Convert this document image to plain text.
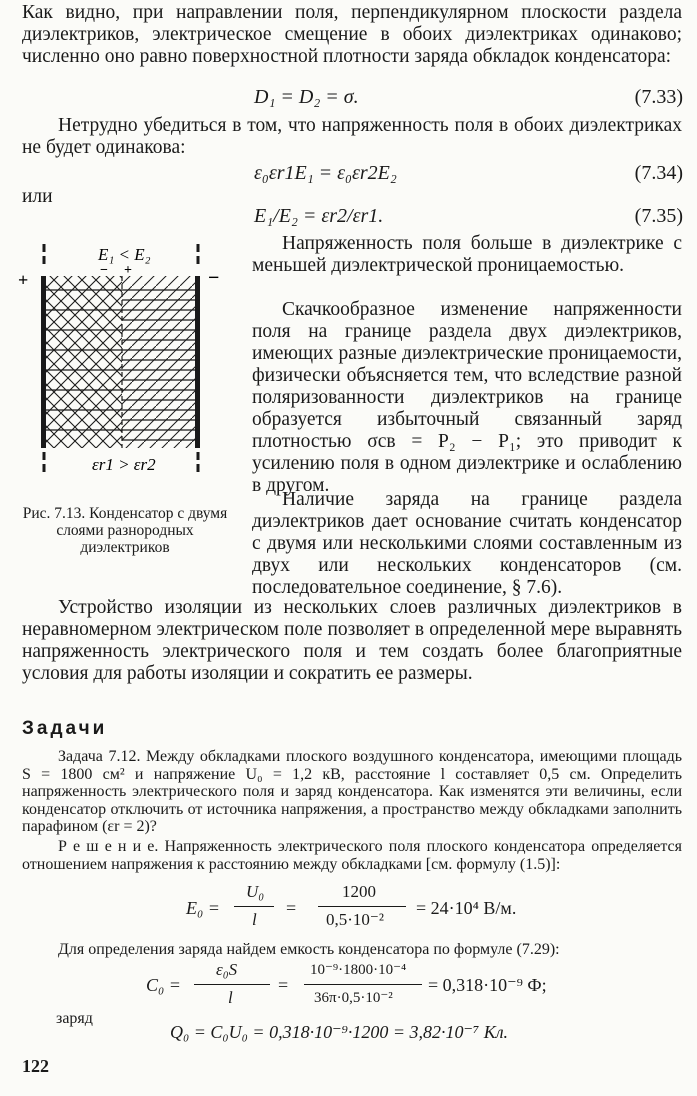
Как видно, при направлении поля, перпендикулярном плоскости раздела диэлектриков, электрическое смещение в обоих диэлектриках одинаково; численно оно равно поверхностной плотности заряда обкладок конденсатора:

D₁ = D₂ = σ.	(7.33)

Нетрудно убедиться в том, что напряженность поля в обоих диэлектриках не будет одинакова:

ε₀εr1E₁ = ε₀εr2E₂	(7.34)
или
E₁/E₂ = εr2/εr1.	(7.35)
+	−
E₁ < E₂
− +
εr1 > εr2

Рис. 7.13. Конденсатор с двумя слоями разнородных диэлектриков

Напряженность поля больше в диэлектрике с меньшей диэлектрической проницаемостью.

Скачкообразное изменение напряженности поля на границе раздела двух диэлектриков, имеющих разные диэлектрические проницаемости, физически объясняется тем, что вследствие разной поляризованности диэлектриков на границе образуется избыточный связанный заряд плотностью σсв = P₂ − P₁; это приводит к усилению поля в одном диэлектрике и ослаблению в другом.

Наличие заряда на границе раздела диэлектриков дает основание считать конденсатор с двумя или несколькими слоями составленным из двух или нескольких конденсаторов (см. последовательное соединение, § 7.6).

Устройство изоляции из нескольких слоев различных диэлектриков в неравномерном электрическом поле позволяет в определенной мере выравнять напряженность электрического поля и тем создать более благоприятные условия для работы изоляции и сократить ее размеры.

Задачи

Задача 7.12. Между обкладками плоского воздушного конденсатора, имеющими площадь S = 1800 см² и напряжение U₀ = 1,2 кВ, расстояние l составляет 0,5 см. Определить напряженность электрического поля и заряд конденсатора. Как изменятся эти величины, если конденсатор отключить от источника напряжения, а пространство между обкладками заполнить парафином (εr = 2)?

Р е ш е н и е. Напряженность электрического поля плоского конденсатора определяется отношением напряжения к расстоянию между обкладками [см. формулу (1.5)]:

E₀ =
U₀
l
=
1200
0,5·10⁻²
= 24·10⁴ В/м.

Для определения заряда найдем емкость конденсатора по формуле (7.29):

C₀ =
ε₀S
l
=
10⁻⁹·1800·10⁻⁴
36π·0,5·10⁻²
= 0,318·10⁻⁹ Ф;
заряд
Q₀ = C₀U₀ = 0,318·10⁻⁹·1200 = 3,82·10⁻⁷ Кл.
122
